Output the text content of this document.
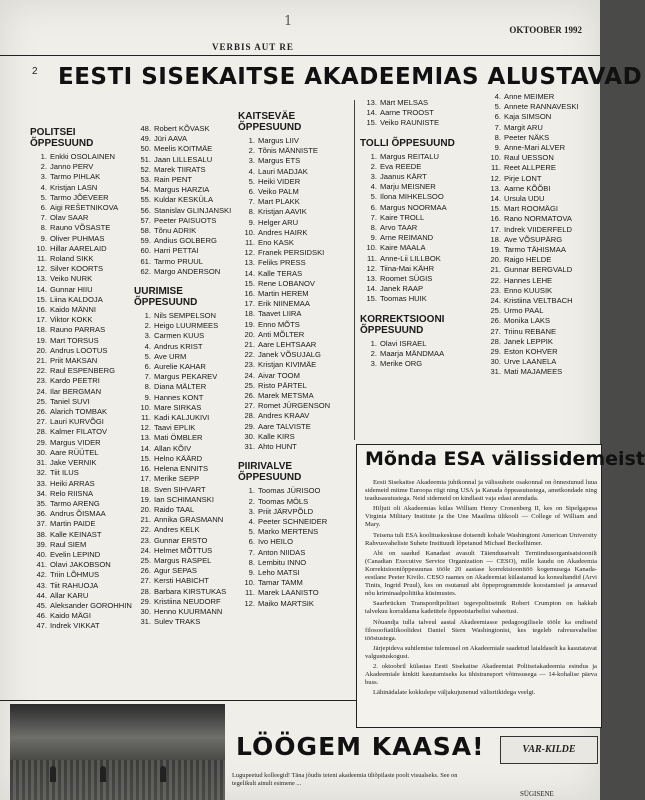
1
OKTOOBER 1992
VERBIS AUT RE
2 EESTI SISEKAITSE AKADEEMIAS ALUSTAVAD
POLITSEI ÕPPESUUND
1. Enkki OSOLAINEN
2. Janno PERV
3. Tarmo PIHLAK
4. Kristjan LASN
5. Tarmo JÕEVEER
6. Aigi REŠETNIKOVA
7. Olav SAAR
8. Rauno VÕSASTE
9. Oliver PUHMAS
10. Hillar AARELAID
11. Roland SIKK
12. Silver KOORTS
13. Veiko NURK
14. Gunnar HIIU
15. Liina KALDOJA
16. Kaido MÄNNI
17. Viktor KOKK
18. Rauno PARRAS
19. Mart TORSUS
20. Andrus LOOTUS
21. Priit MAKSAN
22. Raul ESPENBERG
23. Kardo PEETRI
24. Ilar BERGMAN
25. Taniel SUVI
26. Alarich TOMBAK
27. Lauri KURVÕGI
28. Kalmer FILATOV
29. Margus VIDER
30. Aare RÜÜTEL
31. Jake VERNIK
32. Tiit ILUS
33. Heiki ARRAS
34. Relo RIISNA
35. Tarmo ARENG
36. Andrus ÕISMAA
37. Martin PAIDE
38. Kalle KEINAST
39. Raul SIEM
40. Evelin LEPIND
41. Olavi JAKOBSON
42. Triin LÕHMUS
43. Tiit RAHUOJA
44. Allar KARU
45. Aleksander GOROHHIN
46. Kaido MÄGI
47. Indrek VIKKAT
48. Robert KÕVASK
49. Jüri AAVA
50. Meelis KOITMÄE
51. Jaan LILLESALU
52. Marek TIIRATS
53. Rain PENT
54. Margus HARZIA
55. Kuldar KESKÜLA
56. Stanislav GLINJANSKI
57. Peeter PAISUOTS
58. Tõnu ADRIK
59. Andius GOLBERG
60. Harri PETTAI
61. Tarmo PRUUL
62. Margo ANDERSON
UURIMISE ÕPPESUUND
1. Nils SEMPELSON
2. Heigo LUURMEES
3. Carmen KUUS
4. Andrus KRIST
5. Ave URM
6. Aurelie KAHAR
7. Margus PEKAREV
8. Diana MÄLTER
9. Hannes KONT
10. Mare SIRKAS
11. Kadi KALJUKIVI
12. Taavi EPLIK
13. Mati ÖMBLER
14. Allan KÕIV
15. Helno KÄÄRD
16. Helena ENNITS
17. Merike SEPP
18. Sven SIHVART
19. Ian SCHIMANSKI
20. Raido TAAL
21. Annika GRASMANN
22. Andres KELK
23. Gunnar ERSTO
24. Helmet MÕTTUS
25. Margus RASPEL
26. Agur SEPAS
27. Kersti HABICHT
28. Barbara KIRSTUKAS
29. Kristiina NEUDORF
30. Henno KUURMANN
31. Sulev TRAKS
KAITSEVÄE ÕPPESUUND
1. Margus LIIV
2. Tõnis MÄNNISTE
3. Margus ETS
4. Lauri MADJAK
5. Heiki VIDER
6. Veiko PALM
7. Mart PLAKK
8. Kristjan AAVIK
9. Helger ARU
10. Andres HAIRK
11. Eno KASK
12. Franek PERSIDSKI
13. Feliks PRESS
14. Kalle TERAS
15. Rene LOBANOV
16. Martin HEREM
17. Erik NIINEMAA
18. Taavet LIIRA
19. Enno MÕTS
20. Anti MÕLTER
21. Aare LEHTSAAR
22. Janek VÕSUJALG
23. Kristjan KIVIMÄE
24. Aivar TOOM
25. Risto PÄRTEL
26. Marek METSMA
27. Romet JÜRGENSON
28. Andres KRAAV
29. Aare TALVISTE
30. Kalle KIRS
31. Ahto HUNT
PIIRIVALVE ÕPPESUUND
1. Toomas JÜRISOO
2. Toomas MÖLS
3. Priit JÄRVPÕLD
4. Peeter SCHNEIDER
5. Marko MERTENS
6. Ivo HEILO
7. Anton NIIDAS
8. Lembitu INNO
9. Leho MATSI
10. Tamar TAMM
11. Marek LAANISTO
12. Maiko MARTSIK
13. Märt MELSAS
14. Aarne TROOST
15. Veiko RAUNISTE
TOLLI ÕPPESUUND
1. Margus REITALU
2. Eva REEDE
3. Jaanus KÄRT
4. Marju MEISNER
5. Ilona MIHKELSOO
6. Margus NOORMAA
7. Kaire TROLL
8. Arvo TAAR
9. Arne REIMAND
10. Kaire MAALA
11. Anne-Lii LILLBOK
12. Tiina-Mai KÄHR
13. Roomet SÜGIS
14. Janek RAAP
15. Toomas HUIK
KORREKTSIOONI ÕPPESUUND
1. Olavi ISRAEL
2. Maarja MÄNDMAA
3. Merike ORG
4. Anne MEIMER
5. Annete RANNAVESKI
6. Kaja SIMSON
7. Margit ARU
8. Peeter NÄKS
9. Anne-Mari ALVER
10. Raul UESSON
11. Reet ALLPERE
12. Pirje LONT
13. Aarne KÕÕBI
14. Ursula UDU
15. Mart ROOMÄGI
16. Rano NORMATOVA
17. Indrek VIIDERFELD
18. Ave VÕSUPÄRG
19. Tarmo TÄHISMAA
20. Raigo HELDE
21. Gunnar BERGVALD
22. Hannes LEHE
23. Enno KUUSIK
24. Kristiina VELTBACH
25. Urmo PAAL
26. Monika LAKS
27. Triinu REBANE
28. Janek LEPPIK
29. Eston KOHVER
30. Urve LAANELA
31. Mati MAJAMEES
Mõnda ESA välissidemeist

Eesti Sisekaitse Akadeemia juhtkonnal ja välissuhete osakonnal on õnnestunud luua sidemeid mitme Euroopa riigi ning USA ja Kanada õppeasutustega, ametkondade ning teadusasutustega. Neid sidemeid on kindlasti vaja edasi arendada.

Hiljuti oli Akadeemias külas William Henry Cronenberg II, kes on Sipelgapesa Virginia Military Institute ja the Une Maailma ülikooli — College of William and Mary.

Teisena tuli ESA koolituskeskuse dotsendi kohale Washingtoni American University Rahvusvaheliste Suhete Instituudi lõpetanud Michael Beckelhimer.

Abi on saadud Kanadast avasult Täiendusatvalt Terniindusorganisatsioonilt (Canadian Executive Service Organization — CESO), mille kaudu on Akadeemia Korrektsiooniõppesuunas tööle 20 aastase korrektsioonitöö kogemusega Kanada-eestlane Peeter Kivilo. CESO raames on Akadeemiat külastanud ka konsultandid (Arvi Tinits, Ingrid Pruul), kes on osutanud abi õppeprogrammide koostamisel ja annavad nõu kriminaalpoliitika küsimustes.

Saarbrücken Transpordipolitsei tegevpolitseinik Robert Crumpton on hakkab talvekuu korraldama kadetitele õppeotstarbelisi vaheetusi.

Nõuandja tulla talveul aastal Akadeemiasse pedagoogilisele tööle ka endiseid filosoofiaülikoolidest Daniel Stern Washingtonist, kes tegeleb rahvusvahelise tööstustega.

Järjepideva suhtlemise tulemusel on Akadeemiale saadetud laialdaselt ka kasutatavat valgustuskogust.

2. oktoobril külastas Eesti Sisekaitse Akadeemiat Politseiakadeemia esindus ja Akadeemiale kinkiti kasutamiseks ka ühistransport võimsusega — 14-kohalise päeva buss.

Lähinädalate kokkulepe väljakujunenud välisriikidega veelgi.

LÖÖGEM KAASA!
Lugupeetud kolleegid! Täna jõudis teieni akadeemia üliõpilaste poolt visualseks. See on tegelikult ainult esimene ...
VAR-KILDE
SÜGISENE
